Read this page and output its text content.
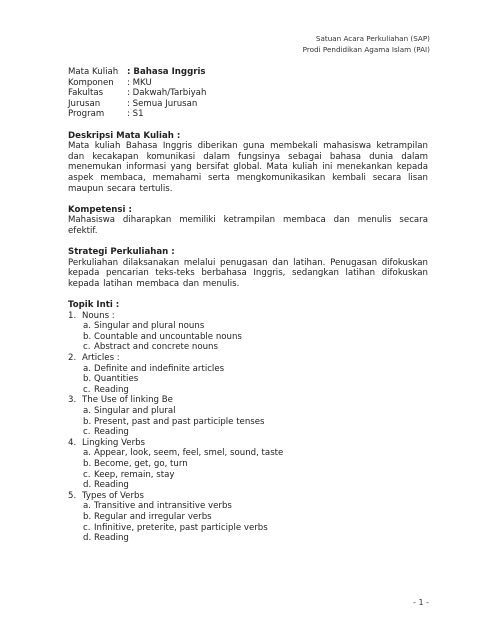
Satuan Acara Perkuliahan (SAP)
Prodi Pendidikan Agama Islam (PAI)
Mata Kuliah	: Bahasa Inggris
Komponen	: MKU
Fakultas	: Dakwah/Tarbiyah
Jurusan	: Semua Jurusan
Program	: S1
Deskripsi Mata Kuliah :
Mata kuliah Bahasa Inggris diberikan guna membekali mahasiswa ketrampilan dan kecakapan komunikasi dalam fungsinya sebagai bahasa dunia dalam menemukan informasi yang bersifat global. Mata kuliah ini menekankan kepada aspek membaca, memahami serta mengkomunikasikan kembali secara lisan maupun secara tertulis.
Kompetensi :
Mahasiswa diharapkan memiliki ketrampilan membaca dan menulis secara efektif.
Strategi Perkuliahan :
Perkuliahan dilaksanakan melalui penugasan dan latihan. Penugasan difokuskan kepada pencarian teks-teks berbahasa Inggris, sedangkan latihan difokuskan kepada latihan membaca dan menulis.
Topik Inti :
1. Nouns :
a. Singular and plural nouns
b. Countable and uncountable nouns
c. Abstract and concrete nouns
2. Articles :
a. Definite and indefinite articles
b. Quantities
c. Reading
3. The Use of linking Be
a. Singular and plural
b. Present, past and past participle tenses
c. Reading
4. Lingking Verbs
a. Appear, look, seem, feel, smel, sound, taste
b. Become, get, go, turn
c. Keep, remain, stay
d. Reading
5. Types of Verbs
a. Transitive and intransitive verbs
b. Regular and irregular verbs
c. Infinitive, preterite, past participle verbs
d. Reading
- 1 -
